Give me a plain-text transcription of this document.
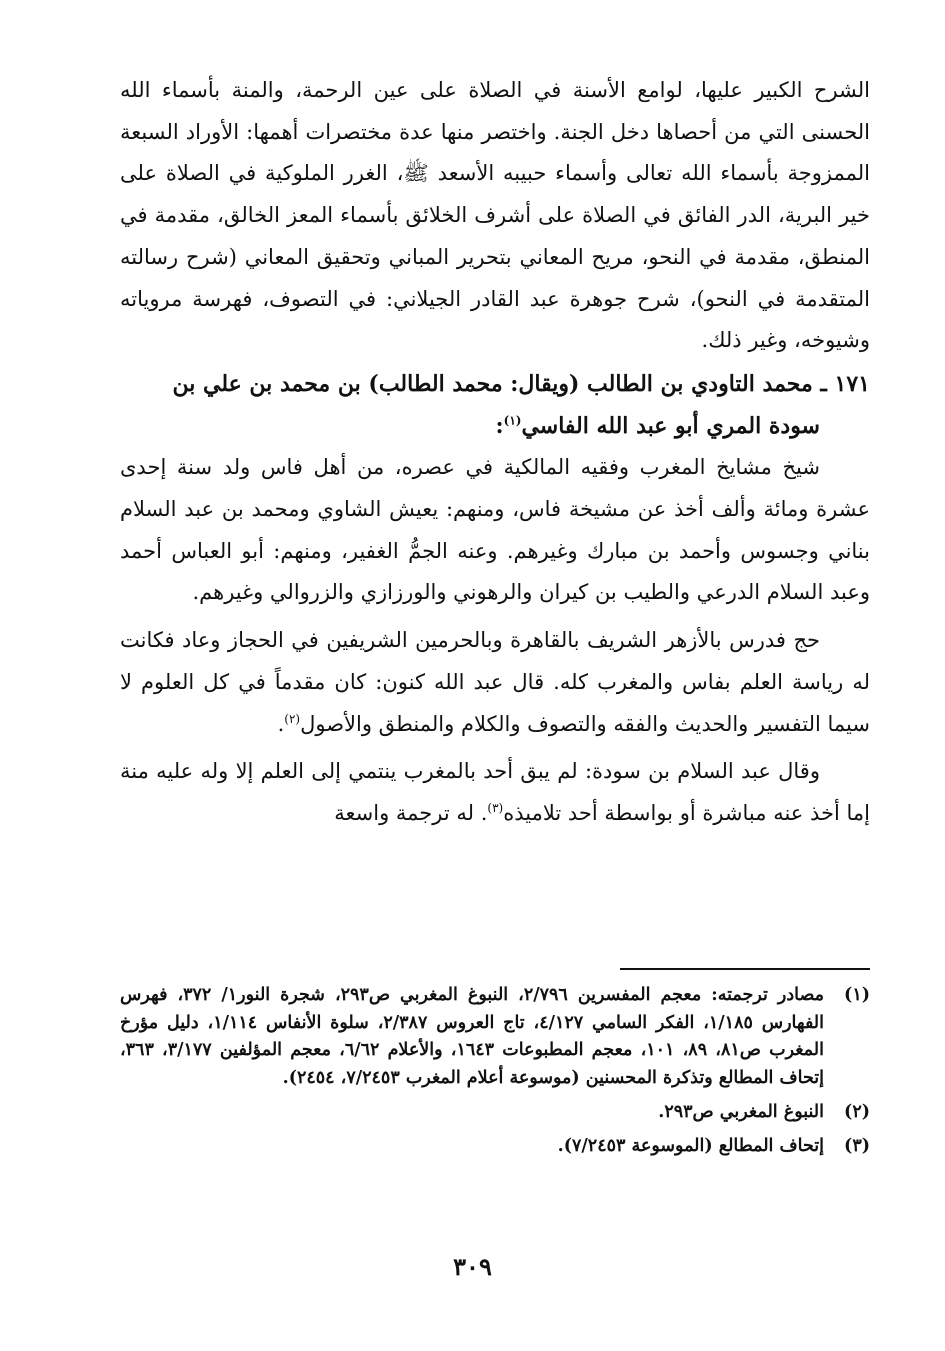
الشرح الكبير عليها، لوامع الأسنة في الصلاة على عين الرحمة، والمنة بأسماء الله الحسنى التي من أحصاها دخل الجنة. واختصر منها عدة مختصرات أهمها: الأوراد السبعة الممزوجة بأسماء الله تعالى وأسماء حبيبه الأسعد ﷺ، الغرر الملوكية في الصلاة على خير البرية، الدر الفائق في الصلاة على أشرف الخلائق بأسماء المعز الخالق، مقدمة في المنطق، مقدمة في النحو، مريح المعاني بتحرير المباني وتحقيق المعاني (شرح رسالته المتقدمة في النحو)، شرح جوهرة عبد القادر الجيلاني: في التصوف، فهرسة مروياته وشيوخه، وغير ذلك.

١٧١ ـ محمد التاودي بن الطالب (ويقال: محمد الطالب) بن محمد بن علي بن
سودة المري أبو عبد الله الفاسي$^{(١)}$:

شيخ مشايخ المغرب وفقيه المالكية في عصره، من أهل فاس ولد سنة إحدى عشرة ومائة وألف أخذ عن مشيخة فاس، ومنهم: يعيش الشاوي ومحمد بن عبد السلام بناني وجسوس وأحمد بن مبارك وغيرهم. وعنه الجمُّ الغفير، ومنهم: أبو العباس أحمد وعبد السلام الدرعي والطيب بن كيران والرهوني والورزازي والزروالي وغيرهم.

حج فدرس بالأزهر الشريف بالقاهرة وبالحرمين الشريفين في الحجاز وعاد فكانت له رياسة العلم بفاس والمغرب كله. قال عبد الله كنون: كان مقدماً في كل العلوم لا سيما التفسير والحديث والفقه والتصوف والكلام والمنطق والأصول$^{(٢)}$.

وقال عبد السلام بن سودة: لم يبق أحد بالمغرب ينتمي إلى العلم إلا وله عليه منة إما أخذ عنه مباشرة أو بواسطة أحد تلاميذه$^{(٣)}$. له ترجمة واسعة

(١)
مصادر ترجمته: معجم المفسرين ٢/٧٩٦، النبوغ المغربي ص٢٩٣، شجرة النور١/ ٣٧٢، فهرس الفهارس ١/١٨٥، الفكر السامي ٤/١٢٧، تاج العروس ٢/٣٨٧، سلوة الأنفاس ١/١١٤، دليل مؤرخ المغرب ص٨١، ٨٩، ١٠١، معجم المطبوعات ١٦٤٣، والأعلام ٦/٦٢، معجم المؤلفين ٣/١٧٧، ٣٦٣، إتحاف المطالع وتذكرة المحسنين (موسوعة أعلام المغرب ٧/٢٤٥٣، ٢٤٥٤).
(٢)
النبوغ المغربي ص٢٩٣.
(٣)
إتحاف المطالع (الموسوعة ٧/٢٤٥٣).
٣٠٩
